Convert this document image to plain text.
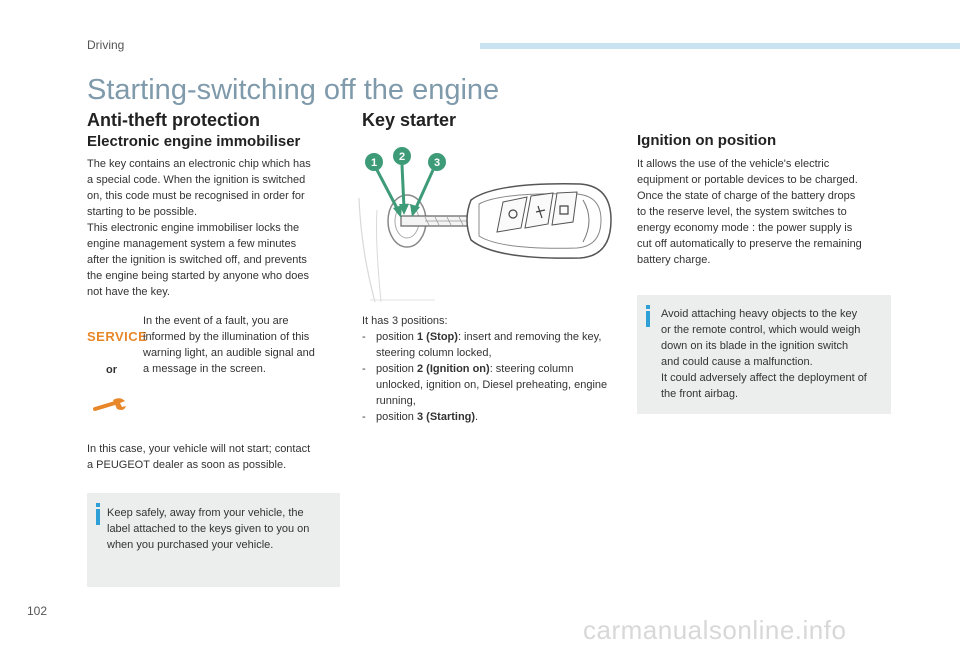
Driving
Starting-switching off the engine
Anti-theft protection
Electronic engine immobiliser
The key contains an electronic chip which has
a special code. When the ignition is switched
on, this code must be recognised in order for
starting to be possible.
This electronic engine immobiliser locks the
engine management system a few minutes
after the ignition is switched off, and prevents
the engine being started by anyone who does
not have the key.
SERVICE
or
In the event of a fault, you are
informed by the illumination of this
warning light, an audible signal and
a message in the screen.
In this case, your vehicle will not start; contact
a PEUGEOT dealer as soon as possible.
Keep safely, away from your vehicle, the
label attached to the keys given to you on
when you purchased your vehicle.
Key starter
1 2	3
It has 3 positions:
- position 1 (Stop): insert and removing the key, steering column locked,
- position 2 (Ignition on): steering column unlocked, ignition on, Diesel preheating, engine running,
- position 3 (Starting).
Ignition on position
It allows the use of the vehicle's electric
equipment or portable devices to be charged.
Once the state of charge of the battery drops
to the reserve level, the system switches to
energy economy mode : the power supply is
cut off automatically to preserve the remaining
battery charge.
Avoid attaching heavy objects to the key
or the remote control, which would weigh
down on its blade in the ignition switch
and could cause a malfunction.
It could adversely affect the deployment of
the front airbag.
102
carmanualsonline.info
